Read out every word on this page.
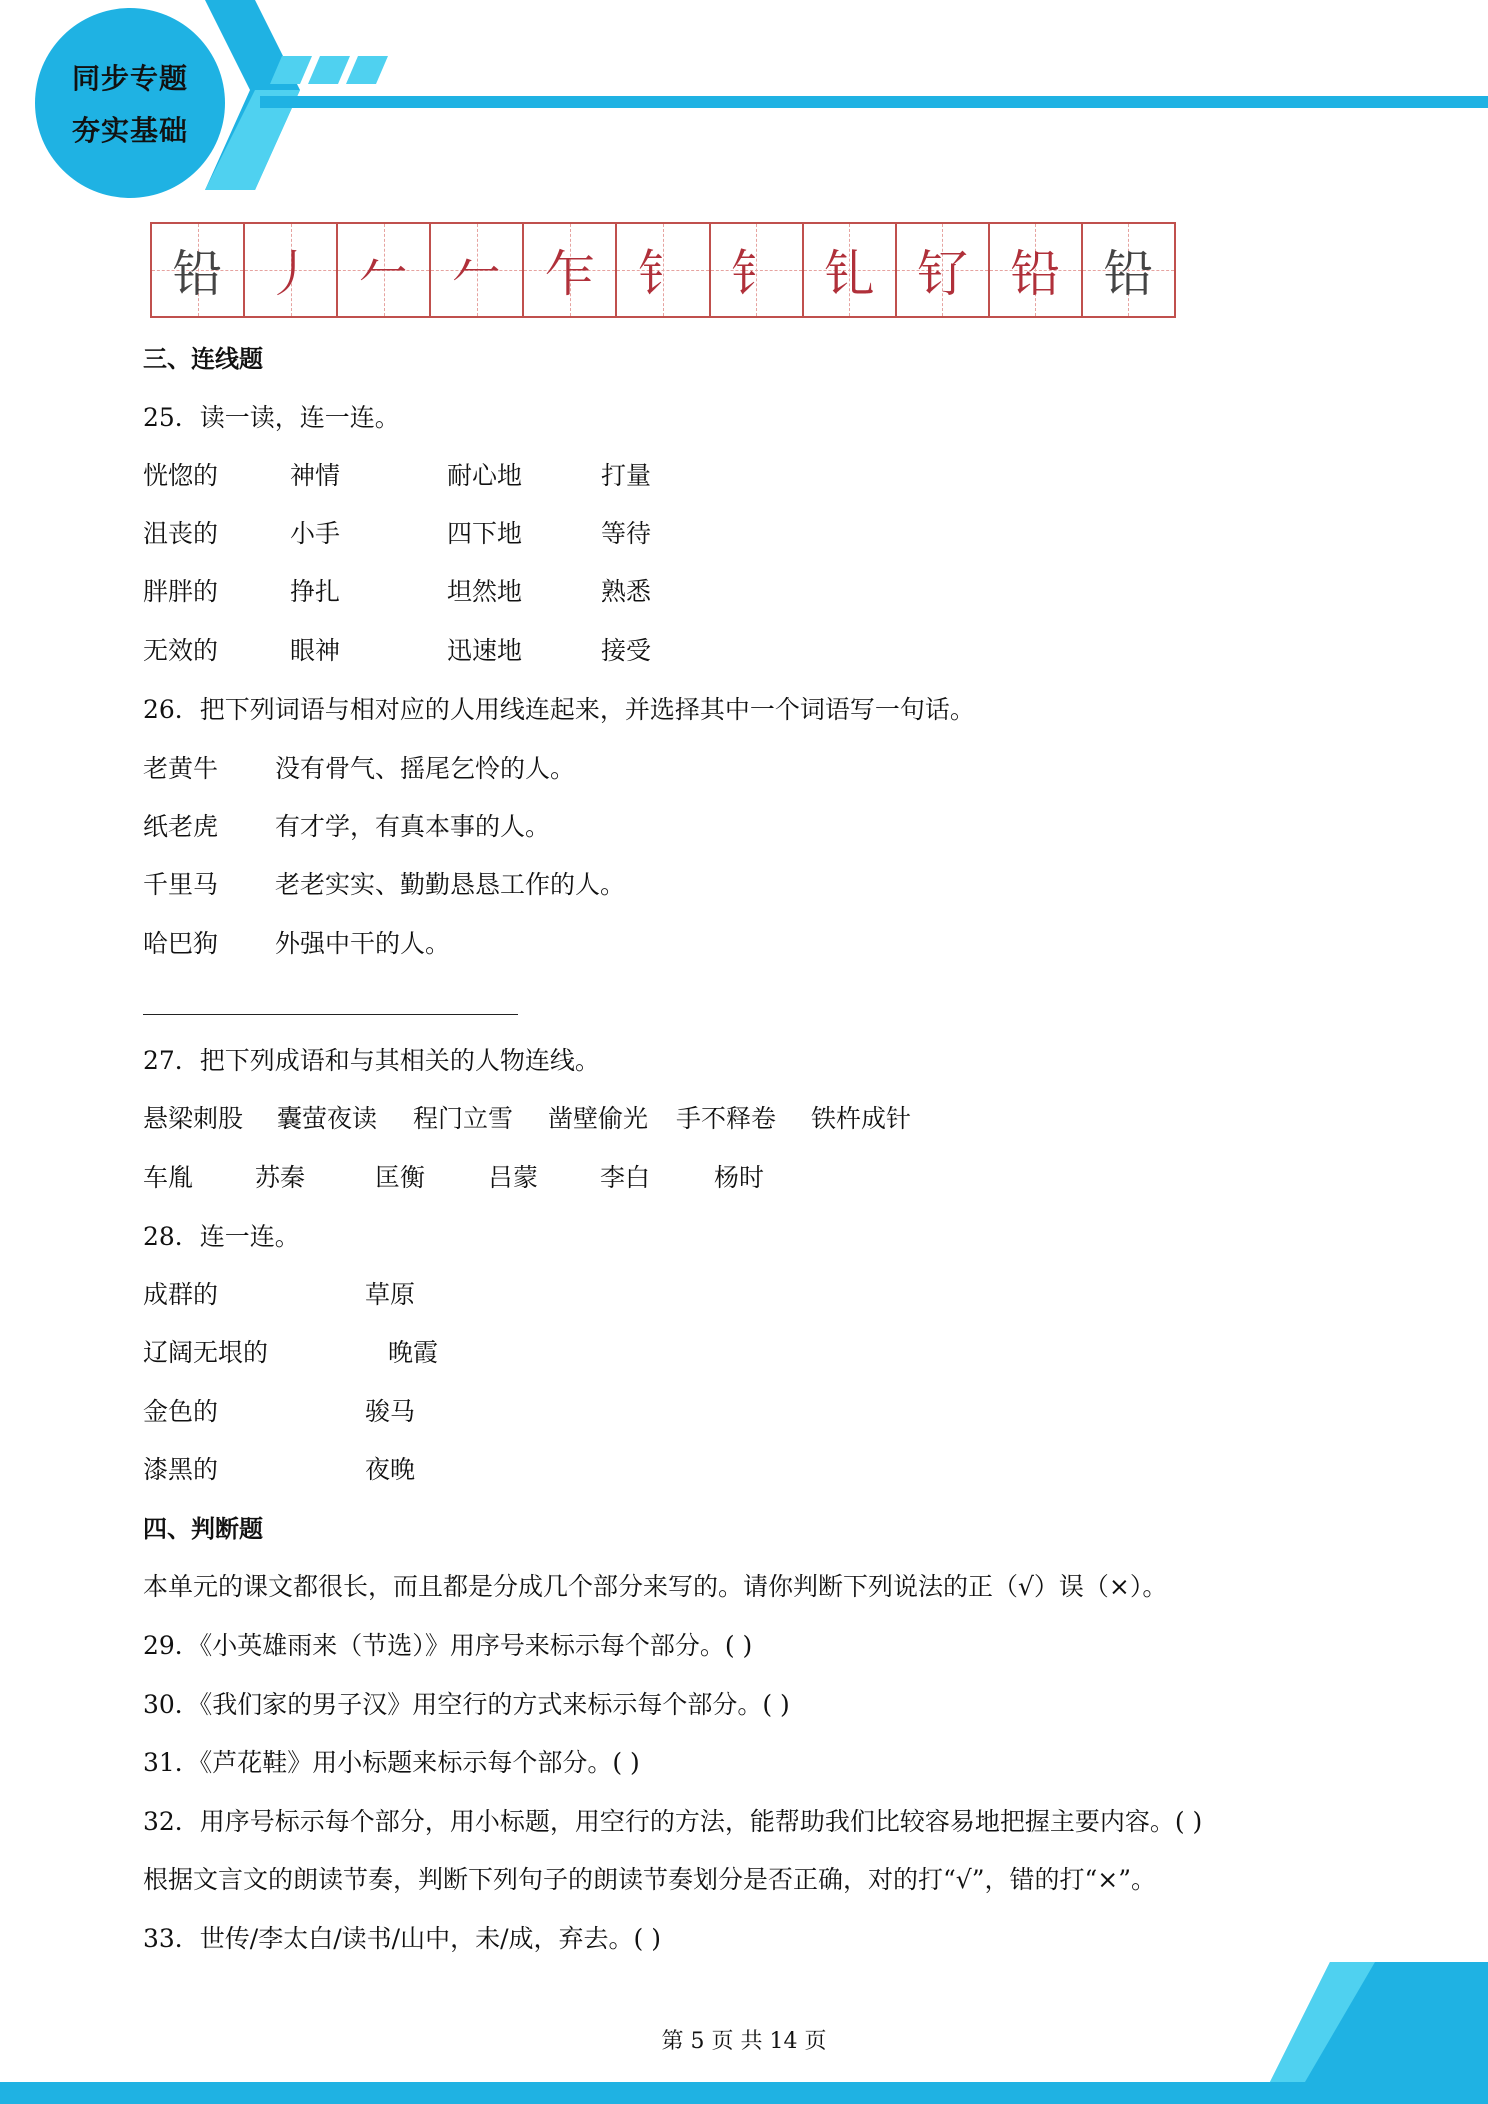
同步专题
夯实基础
铅 丿 𠂉 𠂉 乍 钅 钅 钆 钌 铅 铅
三、连线题
25．读一读，连一连。
恍惚的	神情	耐心地	打量
沮丧的	小手	四下地	等待
胖胖的	挣扎	坦然地	熟悉
无效的	眼神	迅速地	接受
26．把下列词语与相对应的人用线连起来，并选择其中一个词语写一句话。
老黄牛 没有骨气、摇尾乞怜的人。
纸老虎 有才学，有真本事的人。
千里马 老老实实、勤勤恳恳工作的人。
哈巴狗 外强中干的人。
27．把下列成语和与其相关的人物连线。
悬梁刺股 囊萤夜读 程门立雪 凿壁偷光 手不释卷 铁杵成针
车胤 苏秦	匡衡	吕蒙 李白	杨时
28．连一连。
成群的	草原
辽阔无垠的	晚霞
金色的	骏马
漆黑的	夜晚
四、判断题
本单元的课文都很长，而且都是分成几个部分来写的。请你判断下列说法的正（√）误（×）。
29．《小英雄雨来（节选）》用序号来标示每个部分。( )
30．《我们家的男子汉》用空行的方式来标示每个部分。( )
31．《芦花鞋》用小标题来标示每个部分。( )
32．用序号标示每个部分，用小标题，用空行的方法，能帮助我们比较容易地把握主要内容。( )
根据文言文的朗读节奏，判断下列句子的朗读节奏划分是否正确，对的打“√”，错的打“×”。
33．世传/李太白/读书/山中，未/成，弃去。( )
第 5 页 共 14 页
